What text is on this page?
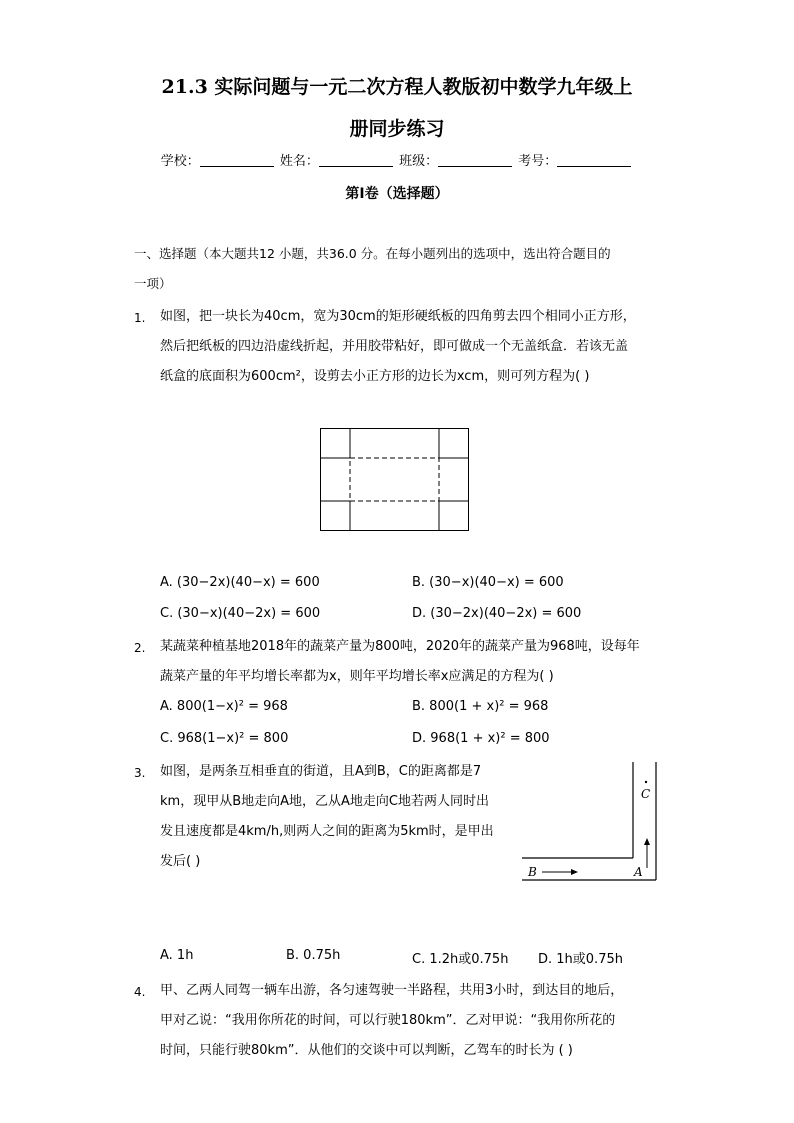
21.3 实际问题与一元二次方程人教版初中数学九年级上
册同步练习
学校：	姓名：	班级：	考号：
第I卷（选择题）
一、选择题（本大题共12 小题，共36.0 分。在每小题列出的选项中，选出符合题目的
一项）
1. 如图，把一块长为40cm，宽为30cm的矩形硬纸板的四角剪去四个相同小正方形，
然后把纸板的四边沿虚线折起，并用胶带粘好，即可做成一个无盖纸盒．若该无盖
纸盒的底面积为600cm²，设剪去小正方形的边长为xcm，则可列方程为( )
A. (30−2x)(40−x) = 600	B. (30−x)(40−x) = 600
C. (30−x)(40−2x) = 600	D. (30−2x)(40−2x) = 600
2. 某蔬菜种植基地2018年的蔬菜产量为800吨，2020年的蔬菜产量为968吨，设每年
蔬菜产量的年平均增长率都为x，则年平均增长率x应满足的方程为( )
A. 800(1−x)² = 968	B. 800(1 + x)² = 968
C. 968(1−x)² = 800	D. 968(1 + x)² = 800
3. 如图，是两条互相垂直的街道，且A到B，C的距离都是7
km，现甲从B地走向A地，乙从A地走向C地若两人同时出
发且速度都是4km/h,则两人之间的距离为5km时，是甲出
发后( )
B	A
C
A. 1h	B. 0.75h	C. 1.2h或0.75h D. 1h或0.75h
4. 甲、乙两人同驾一辆车出游，各匀速驾驶一半路程，共用3小时，到达目的地后，
甲对乙说：“我用你所花的时间，可以行驶180km”．乙对甲说：“我用你所花的
时间，只能行驶80km”．从他们的交谈中可以判断，乙驾车的时长为 ( )
